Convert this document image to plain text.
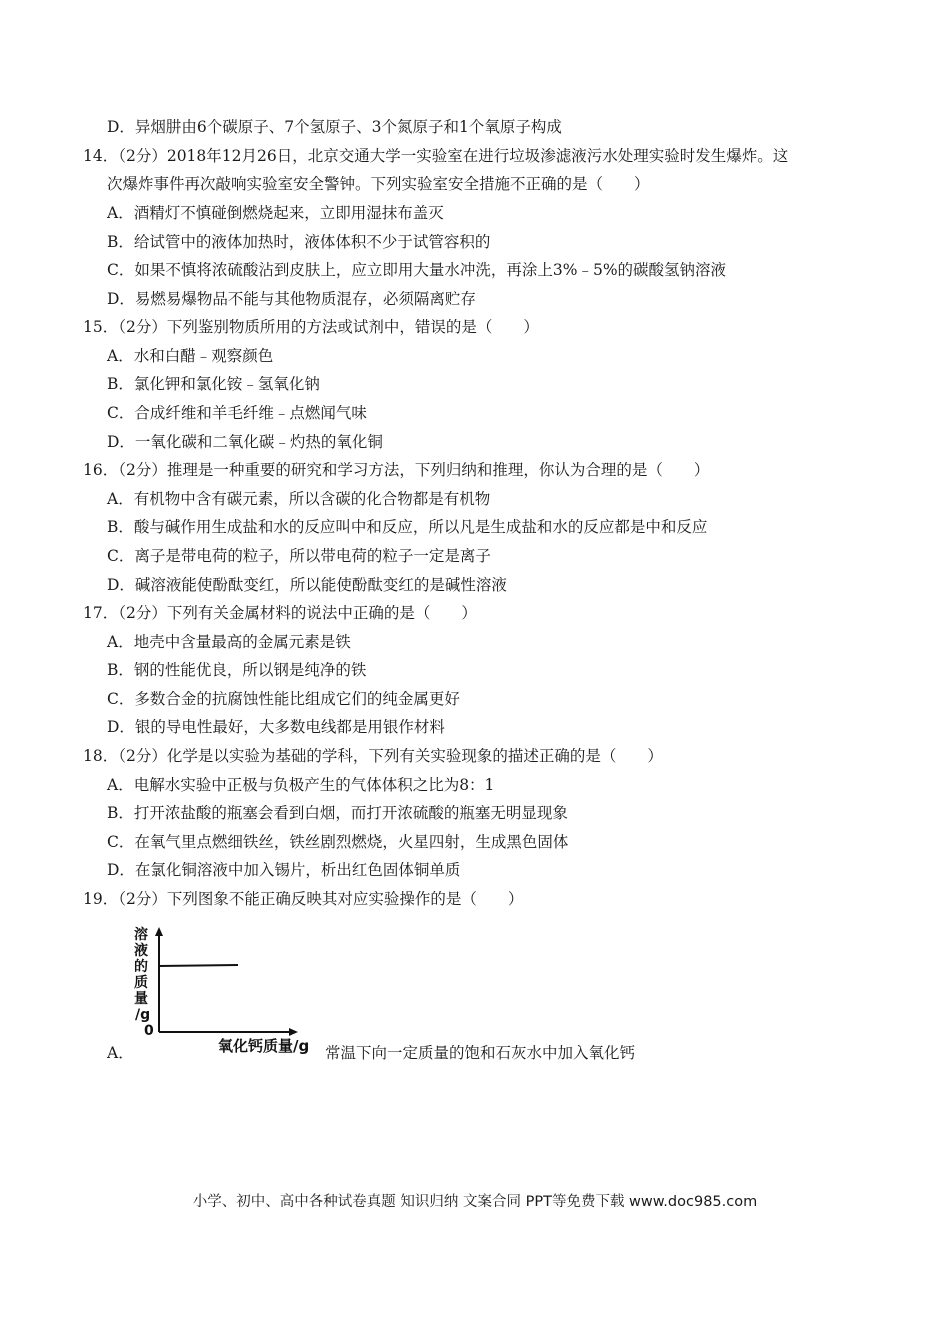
D．异烟肼由6个碳原子、7个氢原子、3个氮原子和1个氧原子构成
14．（2分）2018年12月26日，北京交通大学一实验室在进行垃圾渗滤液污水处理实验时发生爆炸。这
次爆炸事件再次敲响实验室安全警钟。下列实验室安全措施不正确的是（　　）
A．酒精灯不慎碰倒燃烧起来，立即用湿抹布盖灭
B．给试管中的液体加热时，液体体积不少于试管容积的
C．如果不慎将浓硫酸沾到皮肤上，应立即用大量水冲洗，再涂上3%﹣5%的碳酸氢钠溶液
D．易燃易爆物品不能与其他物质混存，必须隔离贮存
15．（2分）下列鉴别物质所用的方法或试剂中，错误的是（　　）
A．水和白醋﹣观察颜色
B．氯化钾和氯化铵﹣氢氧化钠
C．合成纤维和羊毛纤维﹣点燃闻气味
D．一氧化碳和二氧化碳﹣灼热的氧化铜
16．（2分）推理是一种重要的研究和学习方法，下列归纳和推理，你认为合理的是（　　）
A．有机物中含有碳元素，所以含碳的化合物都是有机物
B．酸与碱作用生成盐和水的反应叫中和反应，所以凡是生成盐和水的反应都是中和反应
C．离子是带电荷的粒子，所以带电荷的粒子一定是离子
D．碱溶液能使酚酞变红，所以能使酚酞变红的是碱性溶液
17．（2分）下列有关金属材料的说法中正确的是（　　）
A．地壳中含量最高的金属元素是铁
B．钢的性能优良，所以钢是纯净的铁
C．多数合金的抗腐蚀性能比组成它们的纯金属更好
D．银的导电性最好，大多数电线都是用银作材料
18．（2分）化学是以实验为基础的学科，下列有关实验现象的描述正确的是（　　）
A．电解水实验中正极与负极产生的气体体积之比为8：1
B．打开浓盐酸的瓶塞会看到白烟，而打开浓硫酸的瓶塞无明显现象
C．在氧气里点燃细铁丝，铁丝剧烈燃烧，火星四射，生成黑色固体
D．在氯化铜溶液中加入锡片，析出红色固体铜单质
19．（2分）下列图象不能正确反映其对应实验操作的是（　　）
溶
液
的
质
量
/g
0
氧化钙质量/g
A．	常温下向一定质量的饱和石灰水中加入氧化钙
小学、初中、高中各种试卷真题 知识归纳 文案合同 PPT等免费下载 www.doc985.com
